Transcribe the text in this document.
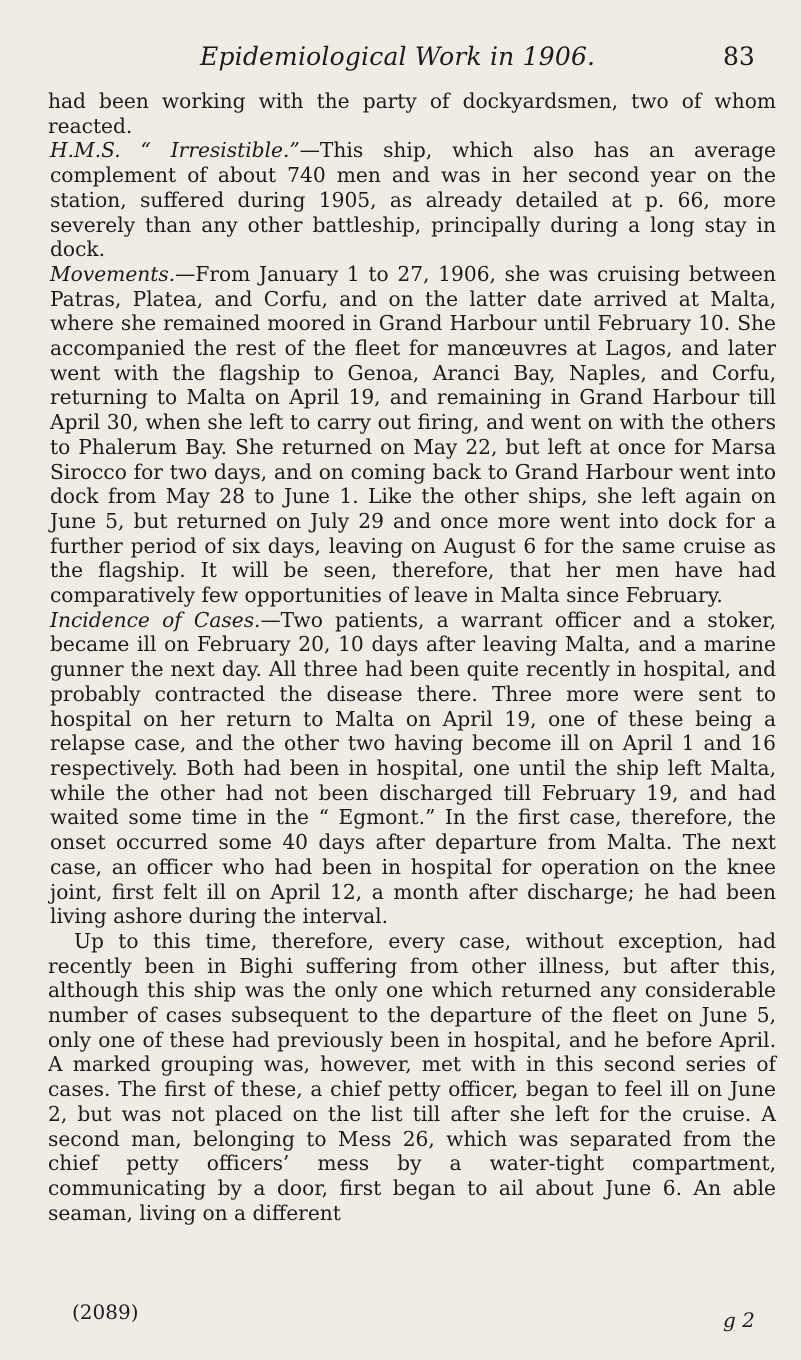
Epidemiological Work in 1906.	83

had been working with the party of dockyardsmen, two of whom reacted.

H.M.S. “ Irresistible.”—This ship, which also has an average complement of about 740 men and was in her second year on the station, suffered during 1905, as already detailed at p. 66, more severely than any other battleship, principally during a long stay in dock.

Movements.—From January 1 to 27, 1906, she was cruising between Patras, Platea, and Corfu, and on the latter date arrived at Malta, where she remained moored in Grand Harbour until February 10. She accompanied the rest of the fleet for manœuvres at Lagos, and later went with the flagship to Genoa, Aranci Bay, Naples, and Corfu, returning to Malta on April 19, and remaining in Grand Harbour till April 30, when she left to carry out firing, and went on with the others to Phalerum Bay. She returned on May 22, but left at once for Marsa Sirocco for two days, and on coming back to Grand Harbour went into dock from May 28 to June 1. Like the other ships, she left again on June 5, but returned on July 29 and once more went into dock for a further period of six days, leaving on August 6 for the same cruise as the flagship. It will be seen, therefore, that her men have had comparatively few opportunities of leave in Malta since February.

Incidence of Cases.—Two patients, a warrant officer and a stoker, became ill on February 20, 10 days after leaving Malta, and a marine gunner the next day. All three had been quite recently in hospital, and probably contracted the disease there. Three more were sent to hospital on her return to Malta on April 19, one of these being a relapse case, and the other two having become ill on April 1 and 16 respectively. Both had been in hospital, one until the ship left Malta, while the other had not been discharged till February 19, and had waited some time in the “ Egmont.” In the first case, therefore, the onset occurred some 40 days after departure from Malta. The next case, an officer who had been in hospital for operation on the knee joint, first felt ill on April 12, a month after discharge; he had been living ashore during the interval.

Up to this time, therefore, every case, without exception, had recently been in Bighi suffering from other illness, but after this, although this ship was the only one which returned any considerable number of cases subsequent to the departure of the fleet on June 5, only one of these had previously been in hospital, and he before April. A marked grouping was, however, met with in this second series of cases. The first of these, a chief petty officer, began to feel ill on June 2, but was not placed on the list till after she left for the cruise. A second man, belonging to Mess 26, which was separated from the chief petty officers’ mess by a water-tight compartment, communicating by a door, first began to ail about June 6. An able seaman, living on a different

(2089)	g 2
